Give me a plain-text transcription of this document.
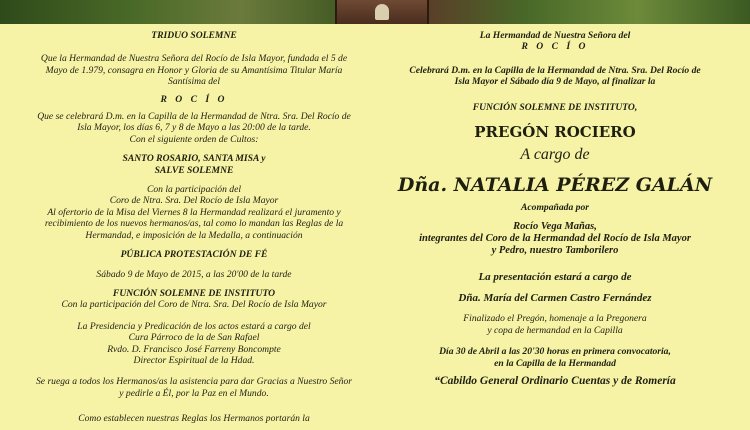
TRIDUO SOLEMNE

Que la Hermandad de Nuestra Señora del Rocío de Isla Mayor, fundada el 5 de

Mayo de 1.979, consagra en Honor y Gloria de su Amantísima Titular María

Santísima del

R O C Í O

Que se celebrará D.m. en la Capilla de la Hermandad de Ntra. Sra. Del Rocío de

Isla Mayor, los días 6, 7 y 8 de Mayo a las 20:00 de la tarde.

Con el siguiente orden de Cultos:

SANTO ROSARIO, SANTA MISA y

SALVE SOLEMNE

Con la participación del

Coro de Ntra. Sra. Del Rocío de Isla Mayor

Al ofertorio de la Misa del Viernes 8 la Hermandad realizará el juramento y

recibimiento de los nuevos hermanos/as, tal como lo mandan las Reglas de la

Hermandad, e imposición de la Medalla, a continuación

PÚBLICA PROTESTACIÓN DE FÉ

Sábado 9 de Mayo de 2015, a las 20'00 de la tarde

FUNCIÓN SOLEMNE DE INSTITUTO

Con la participación del Coro de Ntra. Sra. Del Rocío de Isla Mayor

La Presidencia y Predicación de los actos estará a cargo del

Cura Párroco de la de San Rafael

Rvdo. D. Francisco José Farreny Boncompte

Director Espiritual de la Hdad.

Se ruega a todos los Hermanos/as la asistencia para dar Gracias a Nuestro Señor

y pedirle a Él, por la Paz en el Mundo.

Como establecen nuestras Reglas los Hermanos portarán la

La Hermandad de Nuestra Señora del

R O C Í O

Celebrará D.m. en la Capilla de la Hermandad de Ntra. Sra. Del Rocío de

Isla Mayor el Sábado día 9 de Mayo, al finalizar la

FUNCIÓN SOLEMNE DE INSTITUTO,

PREGÓN ROCIERO

A cargo de

Dña. NATALIA PÉREZ GALÁN

Acompañada por

Rocío Vega Mañas,

integrantes del Coro de la Hermandad del Rocío de Isla Mayor

y Pedro, nuestro Tamborilero

La presentación estará a cargo de

Dña. María del Carmen Castro Fernández

Finalizado el Pregón, homenaje a la Pregonera

y copa de hermandad en la Capilla

Día 30 de Abril a las 20'30 horas en primera convocatoria,

en la Capilla de la Hermandad

“Cabildo General Ordinario Cuentas y de Romería
